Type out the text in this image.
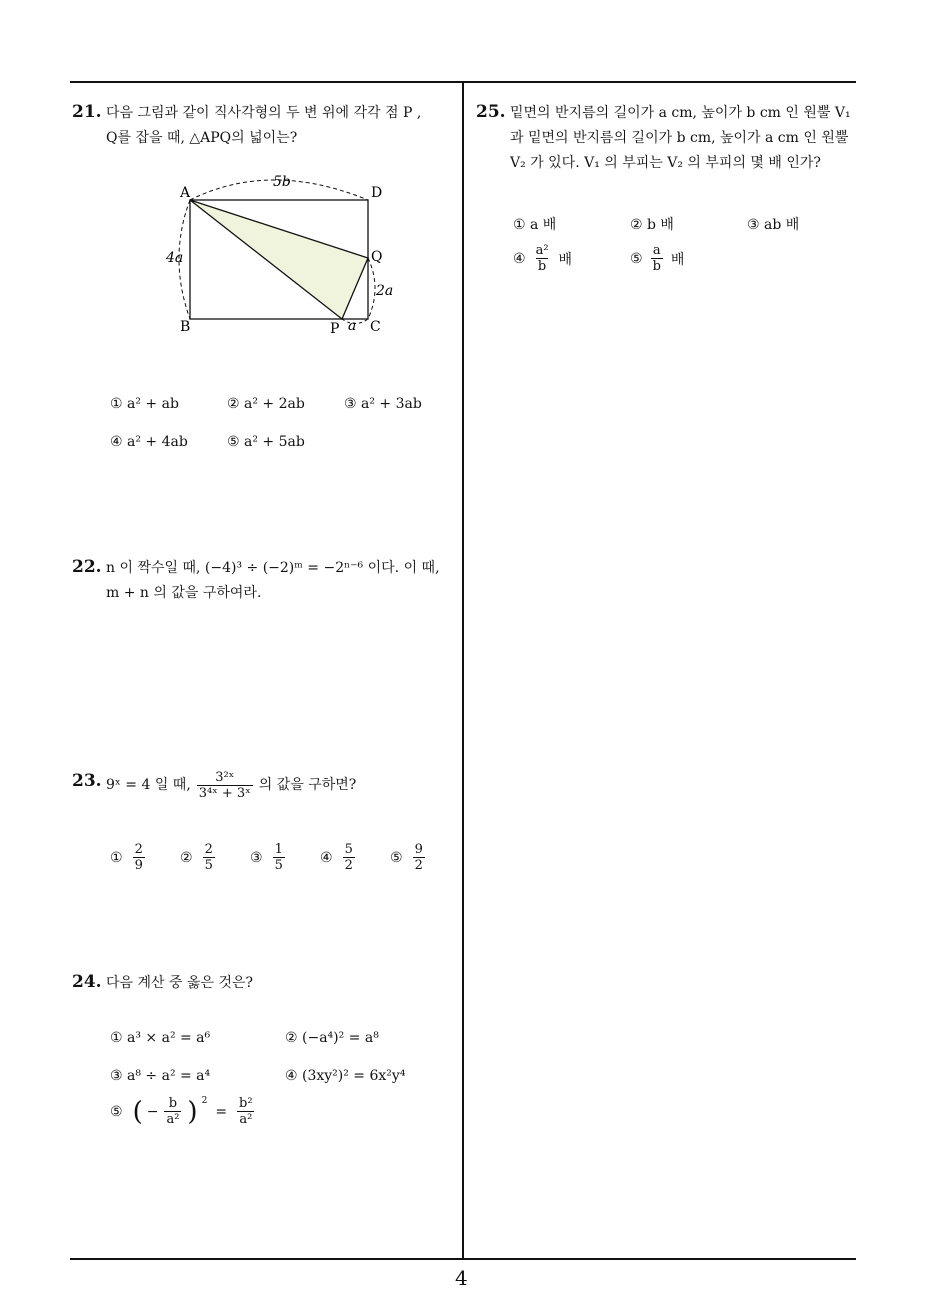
4
21. 다음 그림과 같이 직사각형의 두 변 위에 각각 점 P ,
Q를 잡을 때, △APQ의 넓이는?
A	D
B	C
P
Q
5b
4a
2a
a
① a² + ab	② a² + 2ab	③ a² + 3ab
④ a² + 4ab	⑤ a² + 5ab
22. n 이 짝수일 때, (−4)³ ÷ (−2)ᵐ = −2ⁿ⁻⁶ 이다. 이 때,
m + n 의 값을 구하여라.
23. 9ˣ = 4 일 때, $\frac{\text{3²ˣ}}{\text{3⁴ˣ + 3ˣ}}$ 의 값을 구하면?
① $\frac{2}{9}$	② $\frac{2}{5}$	③ $\frac{1}{5}$	④ $\frac{5}{2}$	⑤ $\frac{9}{2}$
24. 다음 계산 중 옳은 것은?
① a³ × a² = a⁶	② (−a⁴)² = a⁸
③ a⁸ ÷ a² = a⁴	④ (3xy²)² = 6x²y⁴
⑤ ( − $\frac{b}{\text{a²}}$ ) $^2$
= $\frac{\text{b²}}{\text{a²}}$
25. 밑면의 반지름의 길이가 a cm, 높이가 b cm 인 원뿔 V₁
과 밑면의 반지름의 길이가 b cm, 높이가 a cm 인 원뿔
V₂ 가 있다. V₁ 의 부피는 V₂ 의 부피의 몇 배 인가?
① a 배	② b 배	③ ab 배
④ $\frac{\text{a²}}{b}$ 배	⑤ $\frac{a}{b}$ 배
